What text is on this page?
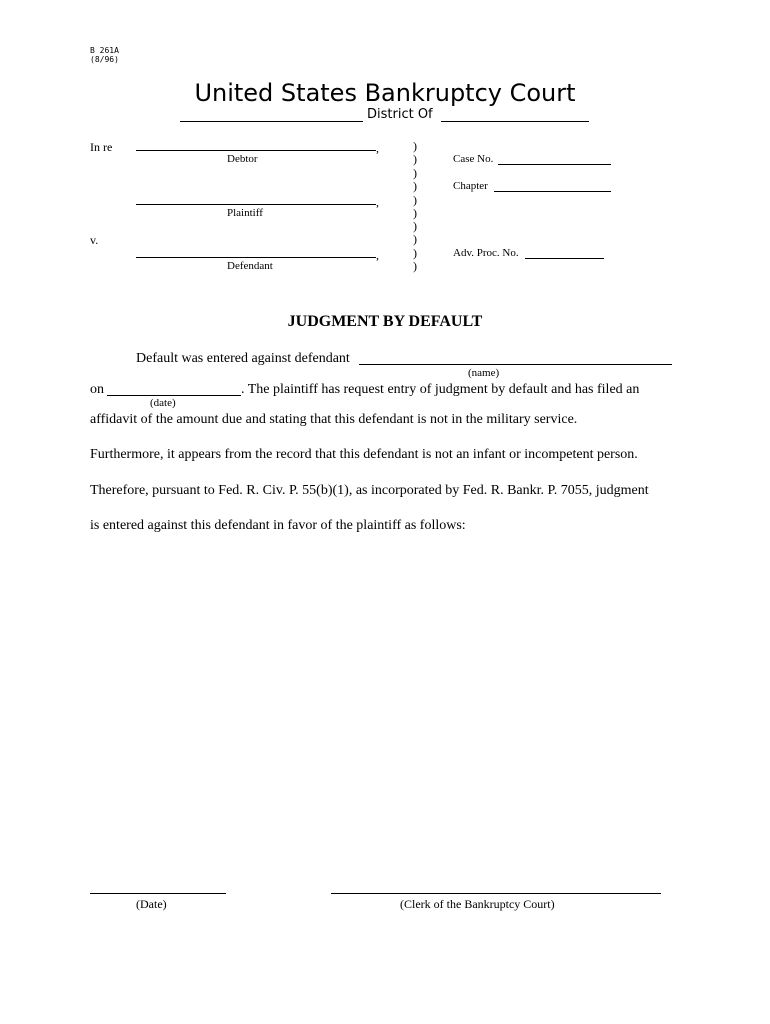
B 261A
(8/96)
United States Bankruptcy Court
District Of
In re	,
Debtor
,
Plaintiff
v.
,
Defendant
)
)
)
)
)
)
)
)
)
)
Case No.
Chapter
Adv. Proc. No.
JUDGMENT BY DEFAULT
Default was entered against defendant
(name)
on	. The plaintiff has request entry of judgment by default and has filed an
(date)
affidavit of the amount due and stating that this defendant is not in the military service.
Furthermore, it appears from the record that this defendant is not an infant or incompetent person.
Therefore, pursuant to Fed. R. Civ. P. 55(b)(1), as incorporated by Fed. R. Bankr. P. 7055, judgment
is entered against this defendant in favor of the plaintiff as follows:
(Date)	(Clerk of the Bankruptcy Court)
